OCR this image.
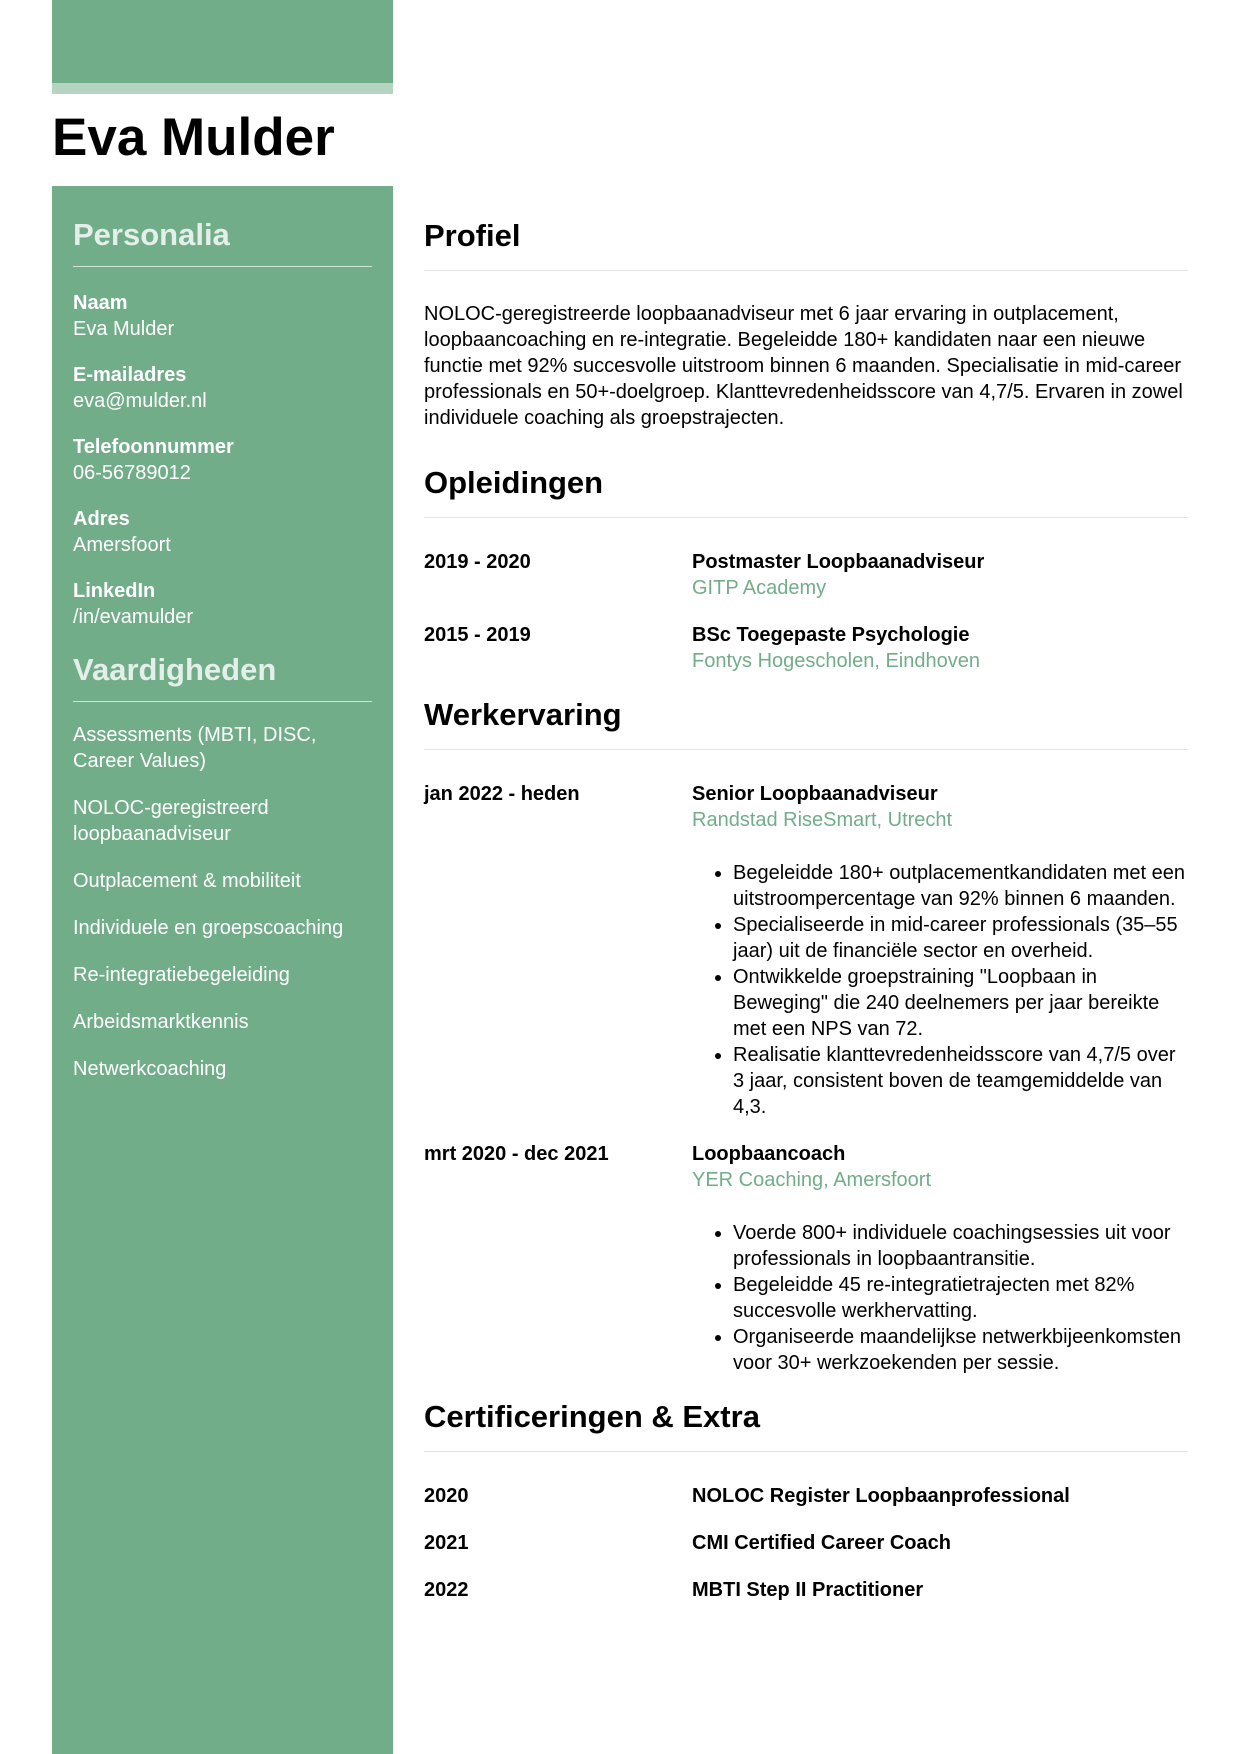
Eva Mulder
Personalia
Naam
Eva Mulder
E-mailadres
eva@mulder.nl
Telefoonnummer
06-56789012
Adres
Amersfoort
LinkedIn
/in/evamulder
Vaardigheden
Assessments (MBTI, DISC, Career Values)
NOLOC-geregistreerd loopbaanadviseur
Outplacement & mobiliteit
Individuele en groepscoaching
Re-integratiebegeleiding
Arbeidsmarktkennis
Netwerkcoaching
Profiel

NOLOC-geregistreerde loopbaanadviseur met 6 jaar ervaring in outplacement, loopbaancoaching en re-integratie. Begeleidde 180+ kandidaten naar een nieuwe functie met 92% succesvolle uitstroom binnen 6 maanden. Specialisatie in mid-career professionals en 50+-doelgroep. Klanttevredenheidsscore van 4,7/5. Ervaren in zowel individuele coaching als groepstrajecten.

Opleidingen
2019 - 2020	Postmaster Loopbaanadviseur
GITP Academy
2015 - 2019	BSc Toegepaste Psychologie
Fontys Hogescholen, Eindhoven
Werkervaring
jan 2022 - heden	Senior Loopbaanadviseur
Randstad RiseSmart, Utrecht
• Begeleidde 180+ outplacementkandidaten met een uitstroompercentage van 92% binnen 6 maanden.
• Specialiseerde in mid-career professionals (35–55 jaar) uit de financiële sector en overheid.
• Ontwikkelde groepstraining "Loopbaan in Beweging" die 240 deelnemers per jaar bereikte met een NPS van 72.
• Realisatie klanttevredenheidsscore van 4,7/5 over 3 jaar, consistent boven de teamgemiddelde van 4,3.
mrt 2020 - dec 2021	Loopbaancoach
YER Coaching, Amersfoort
• Voerde 800+ individuele coachingsessies uit voor professionals in loopbaantransitie.
• Begeleidde 45 re-integratietrajecten met 82% succesvolle werkhervatting.
• Organiseerde maandelijkse netwerkbijeenkomsten voor 30+ werkzoekenden per sessie.
Certificeringen & Extra
2020	NOLOC Register Loopbaanprofessional
2021	CMI Certified Career Coach
2022	MBTI Step II Practitioner
